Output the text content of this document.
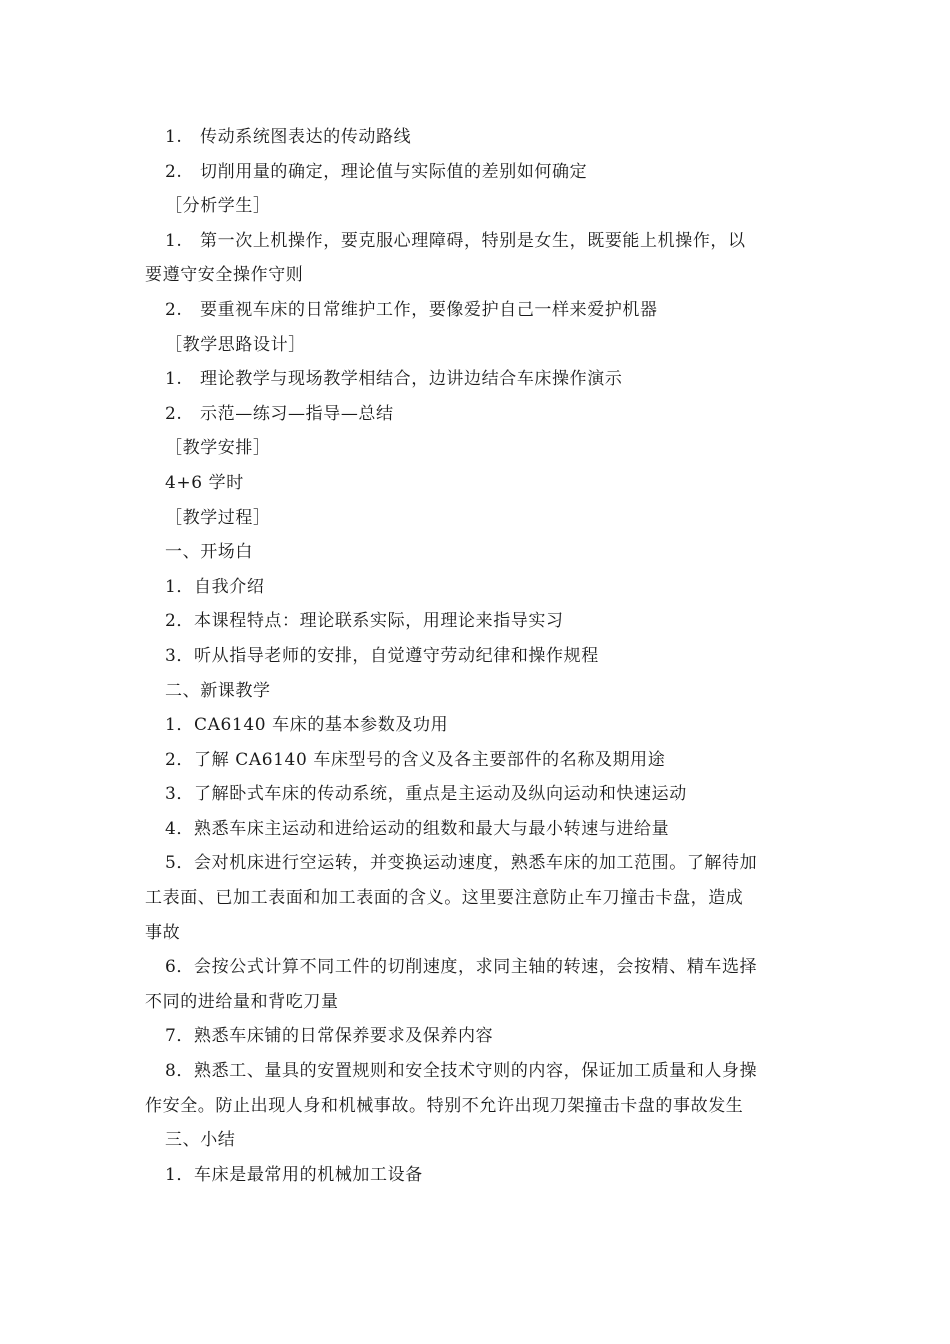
1.　传动系统图表达的传动路线
2.　切削用量的确定，理论值与实际值的差别如何确定
［分析学生］
1.　第一次上机操作，要克服心理障碍，特别是女生，既要能上机操作，以
要遵守安全操作守则
2.　要重视车床的日常维护工作，要像爱护自己一样来爱护机器
［教学思路设计］
1.　理论教学与现场教学相结合，边讲边结合车床操作演示
2.　示范—练习—指导—总结
［教学安排］
4+6 学时
［教学过程］
一、开场白
1．自我介绍
2．本课程特点：理论联系实际，用理论来指导实习
3．听从指导老师的安排，自觉遵守劳动纪律和操作规程
二、新课教学
1．CA6140 车床的基本参数及功用
2．了解 CA6140 车床型号的含义及各主要部件的名称及期用途
3．了解卧式车床的传动系统，重点是主运动及纵向运动和快速运动
4．熟悉车床主运动和进给运动的组数和最大与最小转速与进给量
5．会对机床进行空运转，并变换运动速度，熟悉车床的加工范围。了解待加
工表面、已加工表面和加工表面的含义。这里要注意防止车刀撞击卡盘，造成
事故
6．会按公式计算不同工件的切削速度，求同主轴的转速，会按精、精车选择
不同的进给量和背吃刀量
7．熟悉车床铺的日常保养要求及保养内容
8．熟悉工、量具的安置规则和安全技术守则的内容，保证加工质量和人身操
作安全。防止出现人身和机械事故。特别不允许出现刀架撞击卡盘的事故发生
三、小结
1．车床是最常用的机械加工设备
